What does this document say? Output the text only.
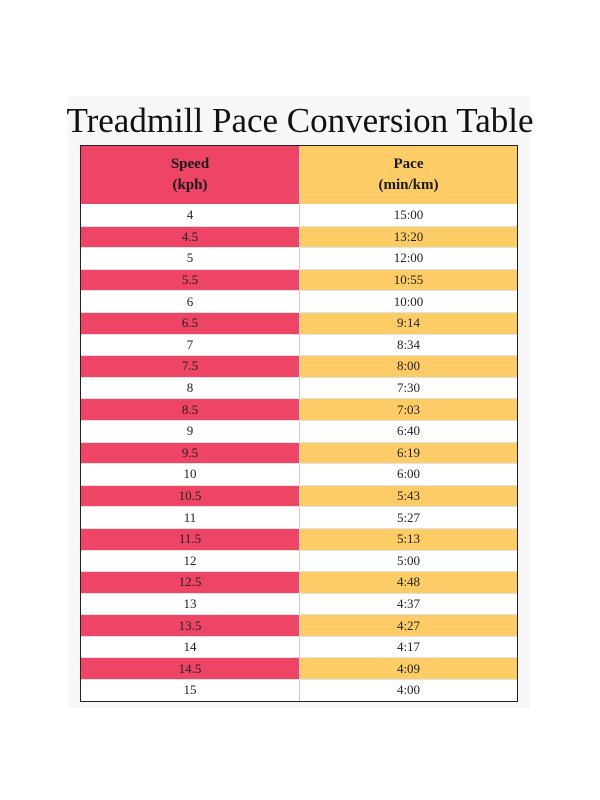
Treadmill Pace Conversion Table
Speed
(kph)
Pace
(min/km)
4	15:00
4.5	13:20
5	12:00
5.5	10:55
6	10:00
6.5	9:14
7	8:34
7.5	8:00
8	7:30
8.5	7:03
9	6:40
9.5	6:19
10	6:00
10.5	5:43
11	5:27
11.5	5:13
12	5:00
12.5	4:48
13	4:37
13.5	4:27
14	4:17
14.5	4:09
15	4:00
